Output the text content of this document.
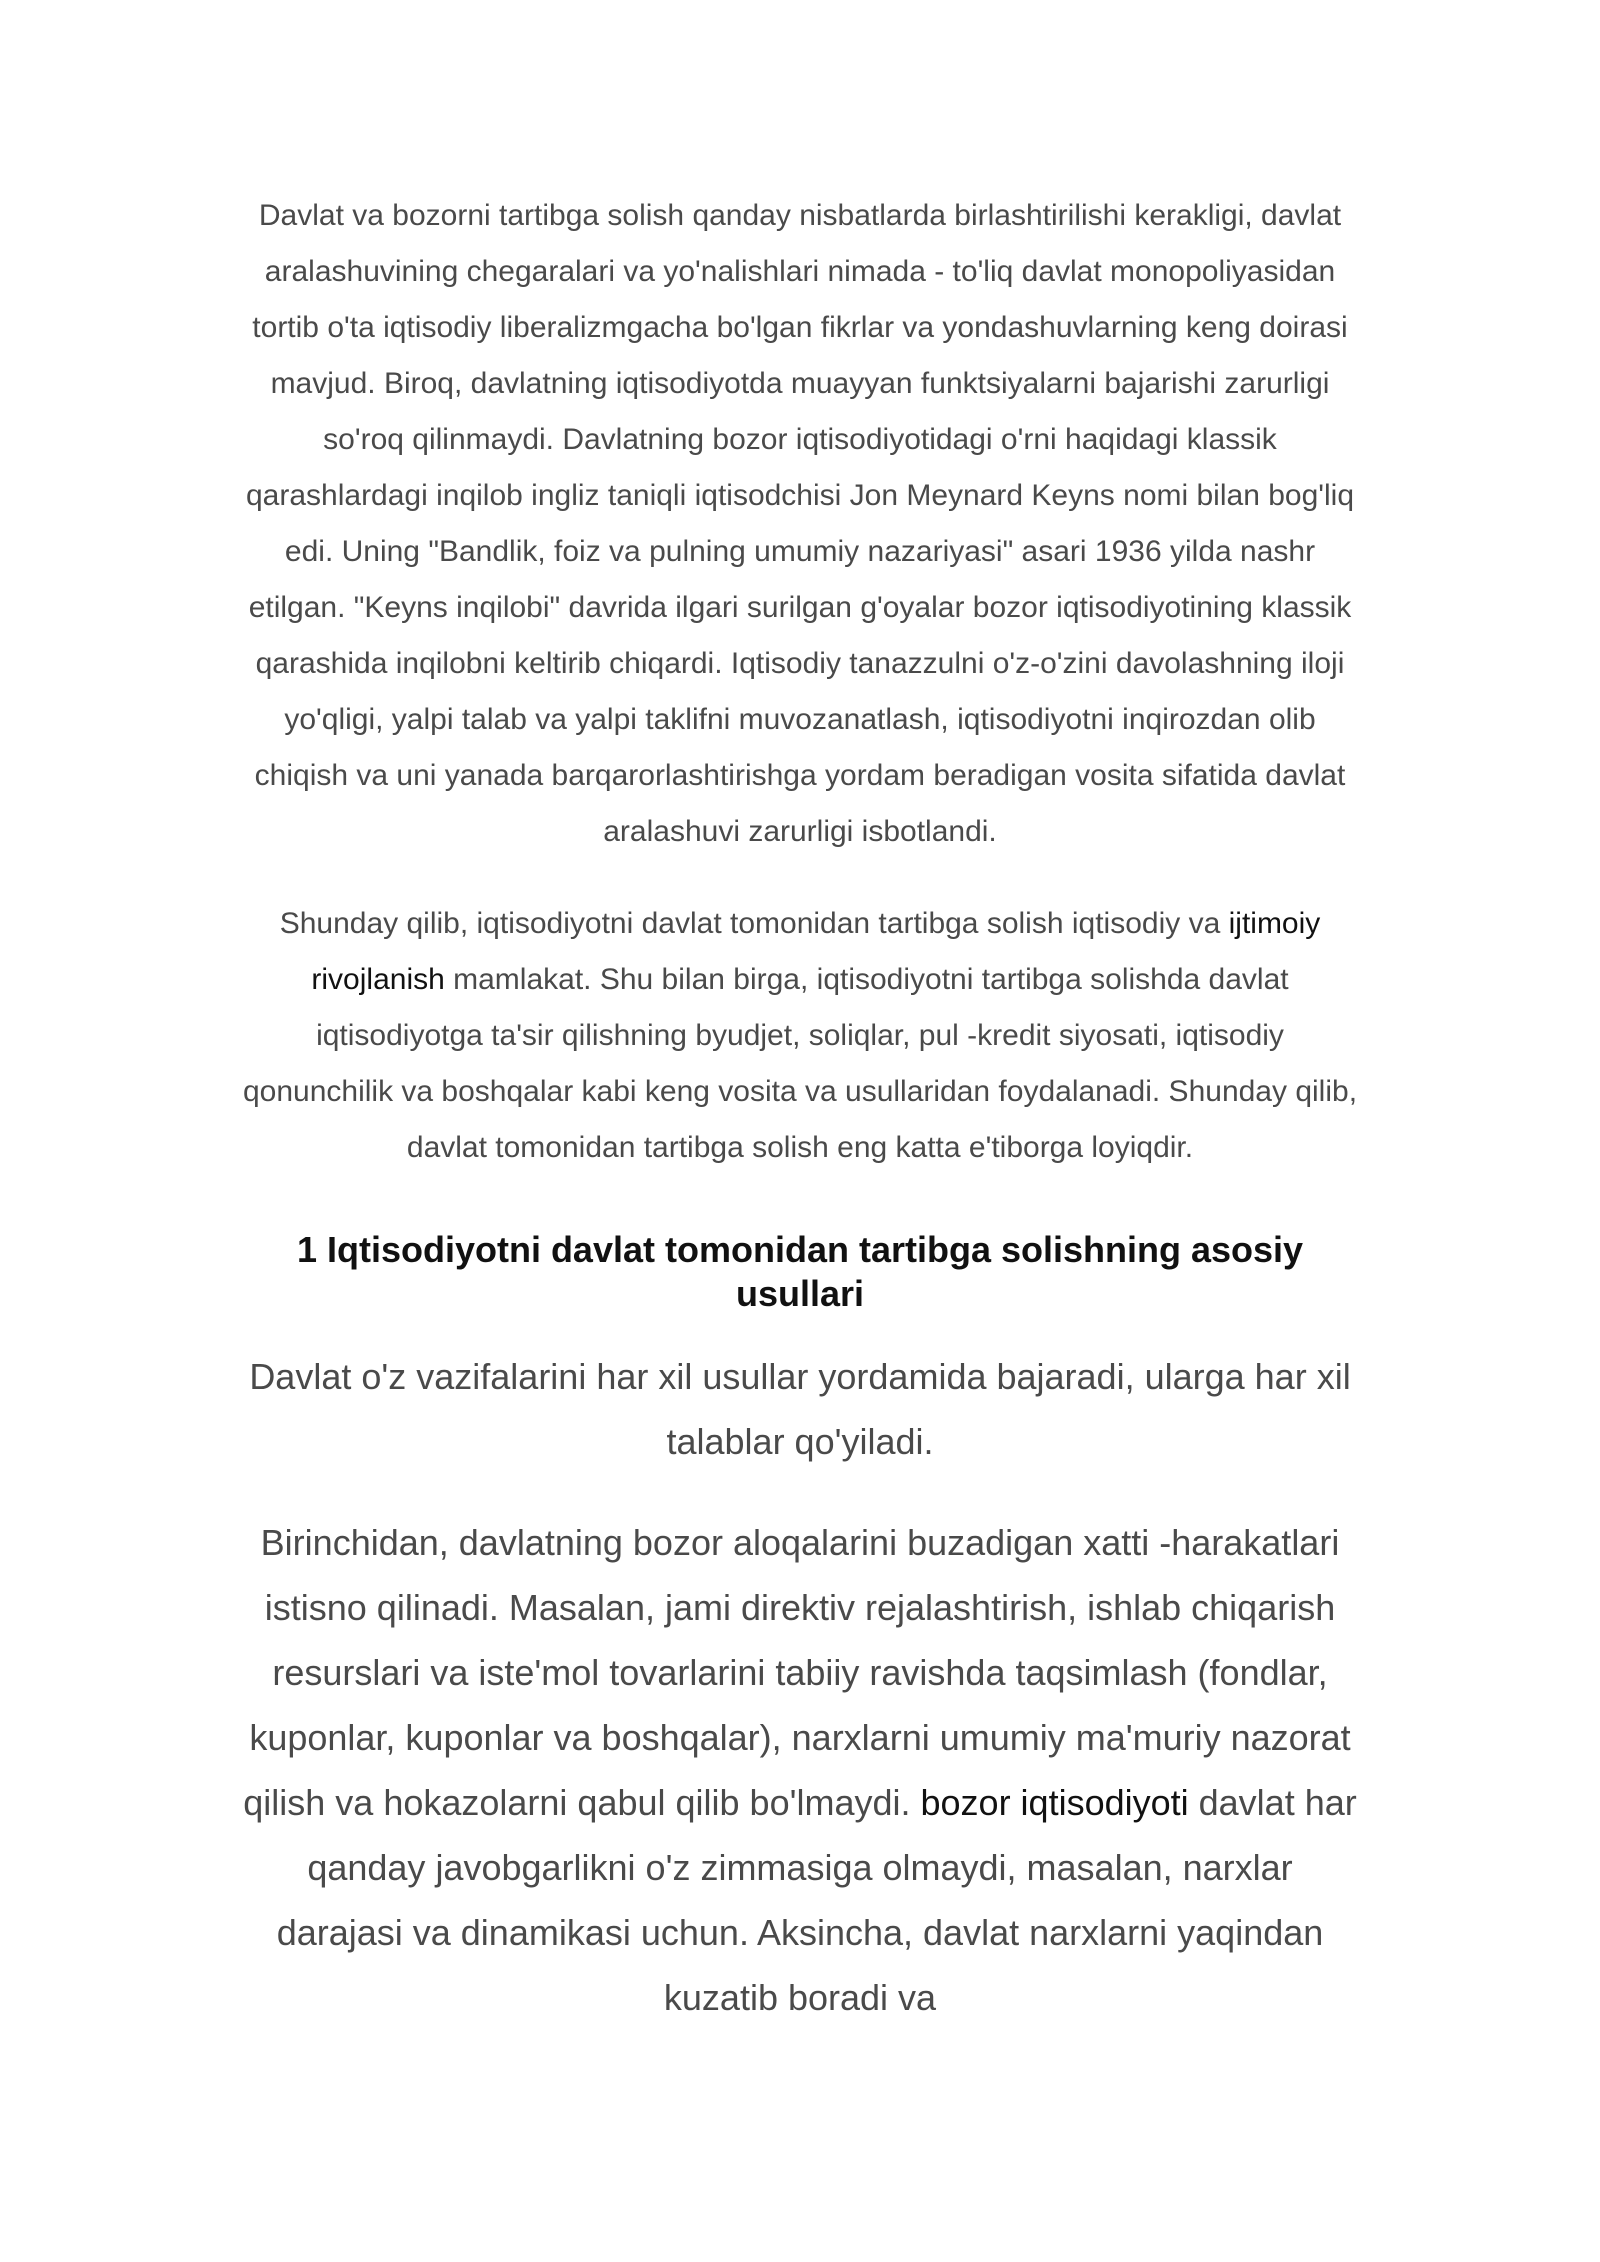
Davlat va bozorni tartibga solish qanday nisbatlarda birlashtirilishi kerakligi, davlat aralashuvining chegaralari va yo'nalishlari nimada - to'liq davlat monopoliyasidan tortib o'ta iqtisodiy liberalizmgacha bo'lgan fikrlar va yondashuvlarning keng doirasi mavjud. Biroq, davlatning iqtisodiyotda muayyan funktsiyalarni bajarishi zarurligi so'roq qilinmaydi. Davlatning bozor iqtisodiyotidagi o'rni haqidagi klassik qarashlardagi inqilob ingliz taniqli iqtisodchisi Jon Meynard Keyns nomi bilan bog'liq edi. Uning "Bandlik, foiz va pulning umumiy nazariyasi" asari 1936 yilda nashr etilgan. "Keyns inqilobi" davrida ilgari surilgan g'oyalar bozor iqtisodiyotining klassik qarashida inqilobni keltirib chiqardi. Iqtisodiy tanazzulni o'z-o'zini davolashning iloji yo'qligi, yalpi talab va yalpi taklifni muvozanatlash, iqtisodiyotni inqirozdan olib chiqish va uni yanada barqarorlashtirishga yordam beradigan vosita sifatida davlat aralashuvi zarurligi isbotlandi.

Shunday qilib, iqtisodiyotni davlat tomonidan tartibga solish iqtisodiy va ijtimoiy rivojlanish mamlakat. Shu bilan birga, iqtisodiyotni tartibga solishda davlat iqtisodiyotga ta'sir qilishning byudjet, soliqlar, pul -kredit siyosati, iqtisodiy qonunchilik va boshqalar kabi keng vosita va usullaridan foydalanadi. Shunday qilib, davlat tomonidan tartibga solish eng katta e'tiborga loyiqdir.

1 Iqtisodiyotni davlat tomonidan tartibga solishning asosiy usullari

Davlat o'z vazifalarini har xil usullar yordamida bajaradi, ularga har xil talablar qo'yiladi.

Birinchidan, davlatning bozor aloqalarini buzadigan xatti -harakatlari istisno qilinadi. Masalan, jami direktiv rejalashtirish, ishlab chiqarish resurslari va iste'mol tovarlarini tabiiy ravishda taqsimlash (fondlar, kuponlar, kuponlar va boshqalar), narxlarni umumiy ma'muriy nazorat qilish va hokazolarni qabul qilib bo'lmaydi. bozor iqtisodiyoti davlat har qanday javobgarlikni o'z zimmasiga olmaydi, masalan, narxlar darajasi va dinamikasi uchun. Aksincha, davlat narxlarni yaqindan kuzatib boradi va
